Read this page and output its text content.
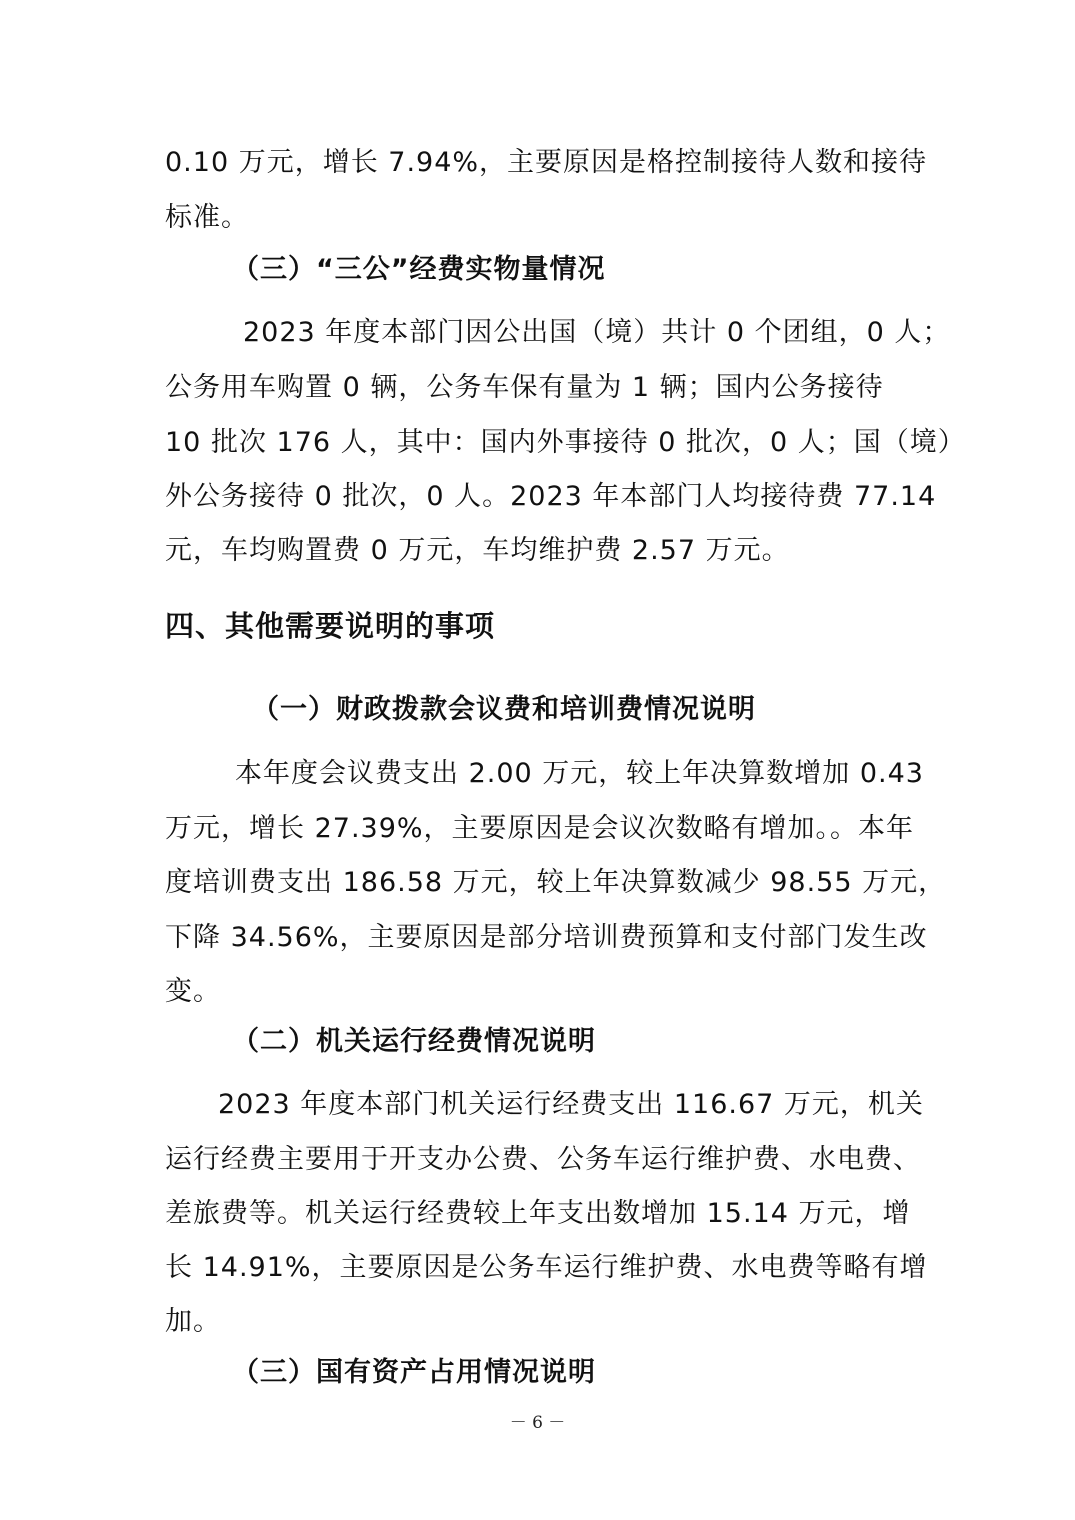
0.10 万元，增长 7.94%，主要原因是格控制接待人数和接待
标准。
（三）“三公”经费实物量情况
2023 年度本部门因公出国（境）共计 0 个团组，0 人；
公务用车购置 0 辆，公务车保有量为 1 辆；国内公务接待
10 批次 176 人，其中：国内外事接待 0 批次，0 人；国（境）
外公务接待 0 批次，0 人。2023 年本部门人均接待费 77.14
元，车均购置费 0 万元，车均维护费 2.57 万元。
四、其他需要说明的事项
（一）财政拨款会议费和培训费情况说明
本年度会议费支出 2.00 万元，较上年决算数增加 0.43
万元，增长 27.39%，主要原因是会议次数略有增加。。本年
度培训费支出 186.58 万元，较上年决算数减少 98.55 万元，
下降 34.56%，主要原因是部分培训费预算和支付部门发生改
变。
（二）机关运行经费情况说明
2023 年度本部门机关运行经费支出 116.67 万元，机关
运行经费主要用于开支办公费、公务车运行维护费、水电费、
差旅费等。机关运行经费较上年支出数增加 15.14 万元，增
长 14.91%，主要原因是公务车运行维护费、水电费等略有增
加。
（三）国有资产占用情况说明
－ 6 －
